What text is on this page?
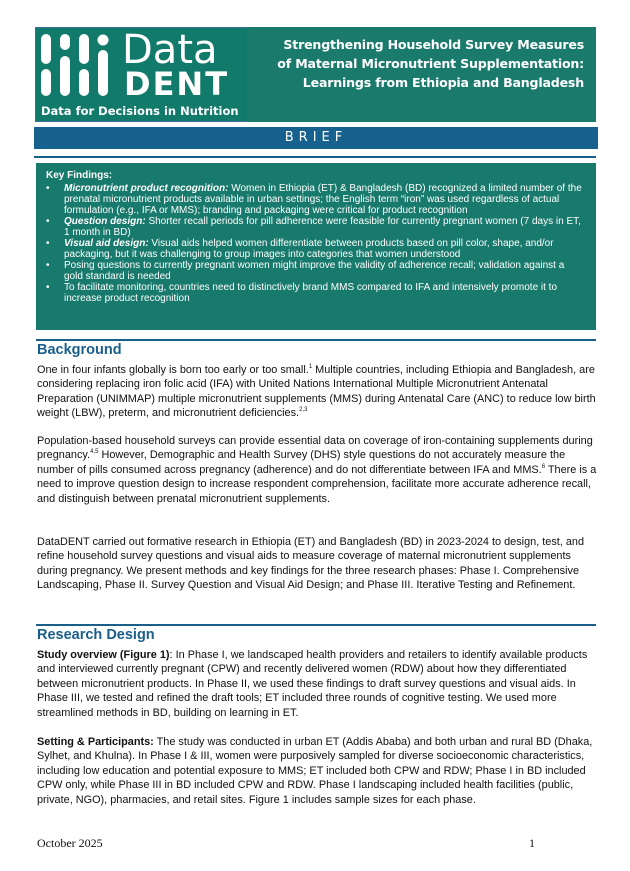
Data
DENT
Data for Decisions in Nutrition
Strengthening Household Survey Measures
of Maternal Micronutrient Supplementation:
Learnings from Ethiopia and Bangladesh
BRIEF
Key Findings:
• Micronutrient product recognition: Women in Ethiopia (ET) & Bangladesh (BD) recognized a limited number of the prenatal micronutrient products available in urban settings; the English term “iron” was used regardless of actual formulation (e.g., IFA or MMS); branding and packaging were critical for product recognition
• Question design: Shorter recall periods for pill adherence were feasible for currently pregnant women (7 days in ET, 1 month in BD)
• Visual aid design: Visual aids helped women differentiate between products based on pill color, shape, and/or packaging, but it was challenging to group images into categories that women understood
• Posing questions to currently pregnant women might improve the validity of adherence recall; validation against a gold standard is needed
• To facilitate monitoring, countries need to distinctively brand MMS compared to IFA and intensively promote it to increase product recognition
Background
One in four infants globally is born too early or too small.$^1$ Multiple countries, including Ethiopia and Bangladesh, are considering replacing iron folic acid (IFA) with United Nations International Multiple Micronutrient Antenatal Preparation (UNIMMAP) multiple micronutrient supplements (MMS) during Antenatal Care (ANC) to reduce low birth weight (LBW), preterm, and micronutrient deficiencies.$^{2,3}$
Population-based household surveys can provide essential data on coverage of iron-containing supplements during pregnancy.$^{4,5}$ However, Demographic and Health Survey (DHS) style questions do not accurately measure the number of pills consumed across pregnancy (adherence) and do not differentiate between IFA and MMS.$^6$ There is a need to improve question design to increase respondent comprehension, facilitate more accurate adherence recall, and distinguish between prenatal micronutrient supplements.
DataDENT carried out formative research in Ethiopia (ET) and Bangladesh (BD) in 2023-2024 to design, test, and refine household survey questions and visual aids to measure coverage of maternal micronutrient supplements during pregnancy. We present methods and key findings for the three research phases: Phase I. Comprehensive Landscaping, Phase II. Survey Question and Visual Aid Design; and Phase III. Iterative Testing and Refinement.
Research Design
Study overview (Figure 1): In Phase I, we landscaped health providers and retailers to identify available products and interviewed currently pregnant (CPW) and recently delivered women (RDW) about how they differentiated between micronutrient products. In Phase II, we used these findings to draft survey questions and visual aids. In Phase III, we tested and refined the draft tools; ET included three rounds of cognitive testing. We used more streamlined methods in BD, building on learning in ET.
Setting & Participants: The study was conducted in urban ET (Addis Ababa) and both urban and rural BD (Dhaka, Sylhet, and Khulna). In Phase I & III, women were purposively sampled for diverse socioeconomic characteristics, including low education and potential exposure to MMS; ET included both CPW and RDW; Phase I in BD included CPW only, while Phase III in BD included CPW and RDW. Phase I landscaping included health facilities (public, private, NGO), pharmacies, and retail sites. Figure 1 includes sample sizes for each phase.
October 2025	1
